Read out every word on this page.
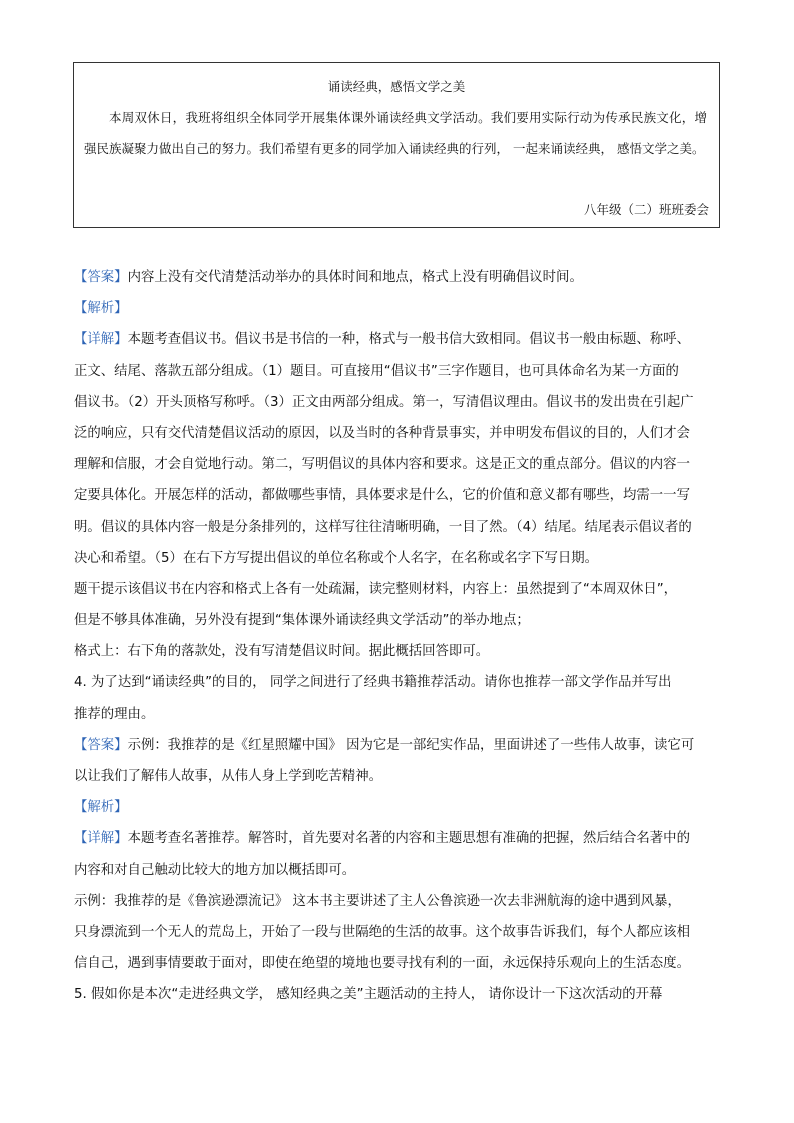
诵读经典，感悟文学之美
本周双休日，我班将组织全体同学开展集体课外诵读经典文学活动。我们要用实际行动为传承民族文化，增强民族凝聚力做出自己的努力。我们希望有更多的同学加入诵读经典的行列， 一起来诵读经典， 感悟文学之美。
八年级（二）班班委会
【答案】内容上没有交代清楚活动举办的具体时间和地点，格式上没有明确倡议时间。
【解析】
【详解】本题考查倡议书。倡议书是书信的一种，格式与一般书信大致相同。倡议书一般由标题、称呼、
正文、结尾、落款五部分组成。（1）题目。可直接用“倡议书”三字作题目，也可具体命名为某一方面的
倡议书。（2）开头顶格写称呼。（3）正文由两部分组成。第一，写清倡议理由。倡议书的发出贵在引起广
泛的响应，只有交代清楚倡议活动的原因，以及当时的各种背景事实，并申明发布倡议的目的，人们才会
理解和信服，才会自觉地行动。第二，写明倡议的具体内容和要求。这是正文的重点部分。倡议的内容一
定要具体化。开展怎样的活动，都做哪些事情，具体要求是什么，它的价值和意义都有哪些，均需一一写
明。倡议的具体内容一般是分条排列的，这样写往往清晰明确，一目了然。（4）结尾。结尾表示倡议者的
决心和希望。（5）在右下方写提出倡议的单位名称或个人名字，在名称或名字下写日期。
题干提示该倡议书在内容和格式上各有一处疏漏，读完整则材料，内容上：虽然提到了“本周双休日”，
但是不够具体准确，另外没有提到“集体课外诵读经典文学活动”的举办地点；
格式上：右下角的落款处，没有写清楚倡议时间。据此概括回答即可。
4. 为了达到“诵读经典”的目的， 同学之间进行了经典书籍推荐活动。请你也推荐一部文学作品并写出
推荐的理由。
【答案】示例：我推荐的是《红星照耀中国》 因为它是一部纪实作品，里面讲述了一些伟人故事，读它可
以让我们了解伟人故事，从伟人身上学到吃苦精神。
【解析】
【详解】本题考查名著推荐。解答时，首先要对名著的内容和主题思想有准确的把握，然后结合名著中的
内容和对自己触动比较大的地方加以概括即可。
示例：我推荐的是《鲁滨逊漂流记》 这本书主要讲述了主人公鲁滨逊一次去非洲航海的途中遇到风暴，
只身漂流到一个无人的荒岛上，开始了一段与世隔绝的生活的故事。这个故事告诉我们，每个人都应该相
信自己，遇到事情要敢于面对，即使在绝望的境地也要寻找有利的一面，永远保持乐观向上的生活态度。
5. 假如你是本次“走进经典文学， 感知经典之美”主题活动的主持人， 请你设计一下这次活动的开幕
